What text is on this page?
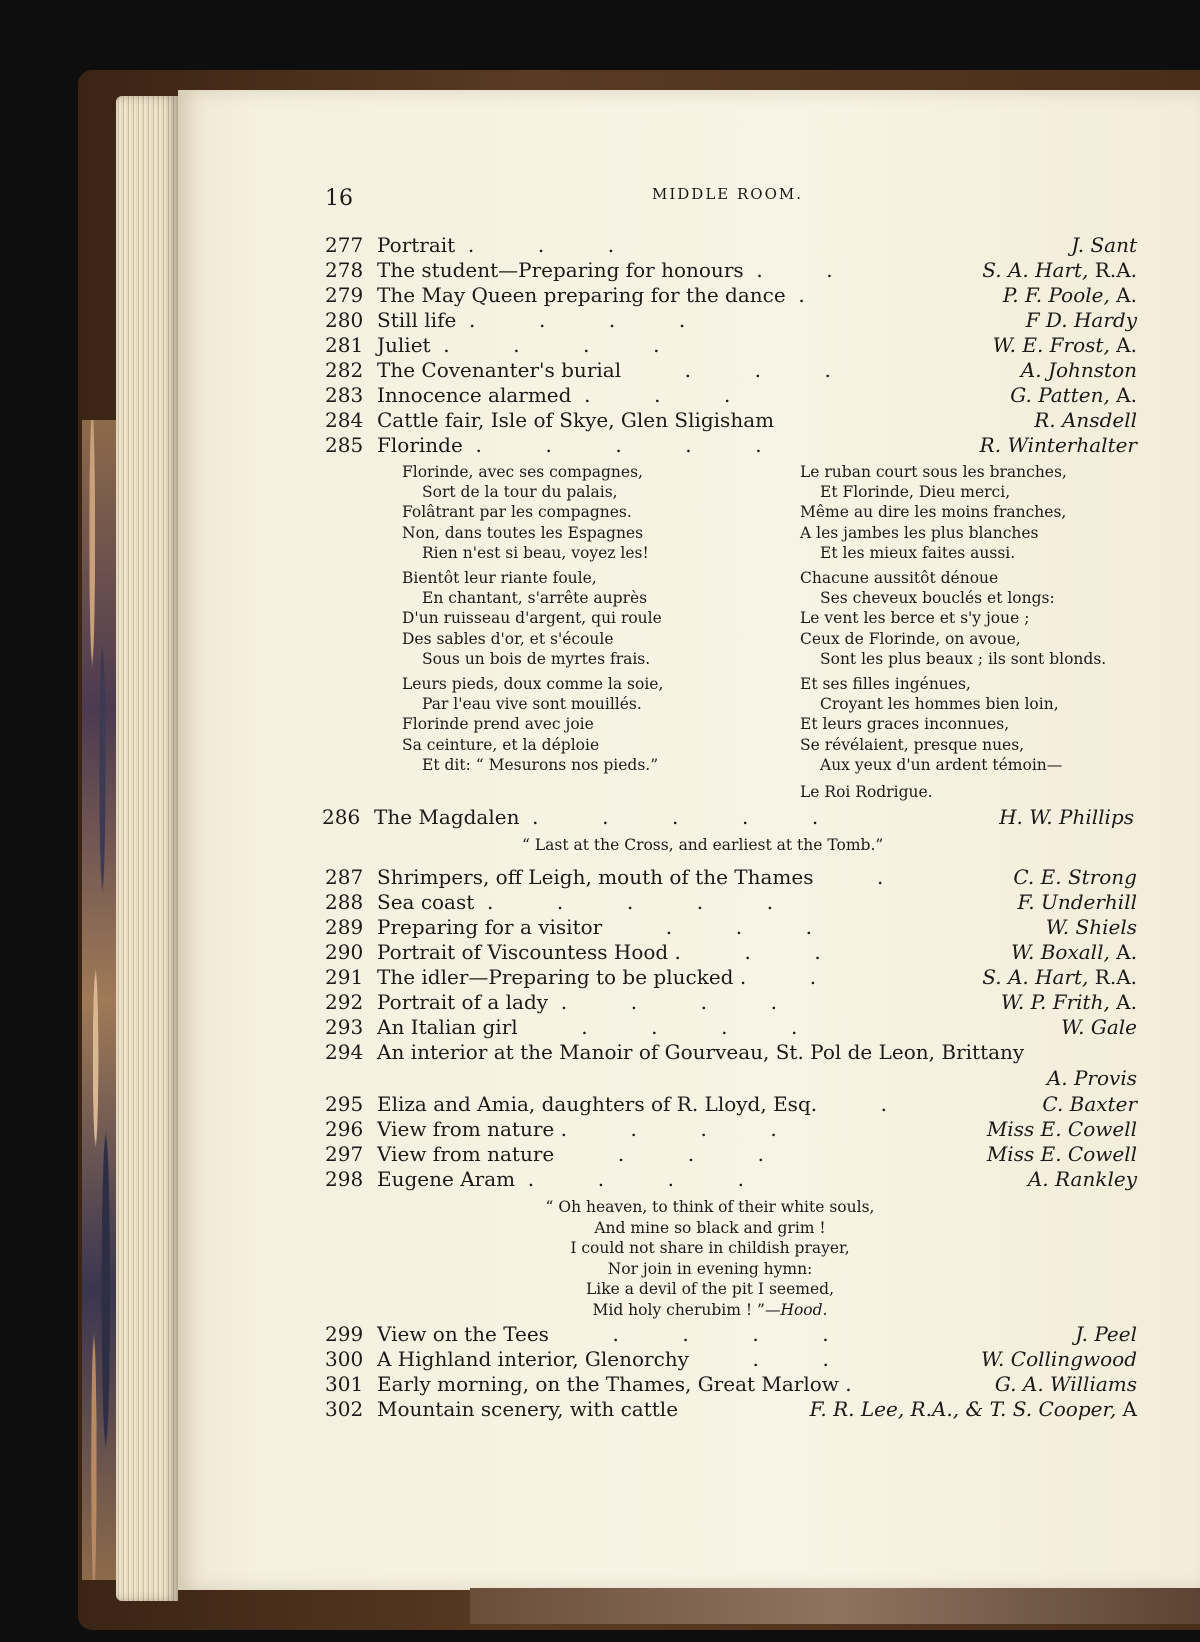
16	MIDDLE ROOM.
277 Portrait  .          .          .	J. Sant
278 The student—Preparing for honours  .          .	S. A. Hart, R.A.
279 The May Queen preparing for the dance  .	P. F. Poole, A.
280 Still life  .          .          .          .	F D. Hardy
281 Juliet  .          .          .          .	W. E. Frost, A.
282 The Covenanter's burial          .          .          .	A. Johnston
283 Innocence alarmed  .          .          .	G. Patten, A.
284 Cattle fair, Isle of Skye, Glen Sligisham	R. Ansdell
285 Florinde  .          .          .          .          .	R. Winterhalter
286 The Magdalen  .          .          .          .          .	H. W. Phillips
287 Shrimpers, off Leigh, mouth of the Thames          .	C. E. Strong
288 Sea coast  .          .          .          .          .	F. Underhill
289 Preparing for a visitor          .          .          .	W. Shiels
290 Portrait of Viscountess Hood .          .          .	W. Boxall, A.
291 The idler—Preparing to be plucked .          .	S. A. Hart, R.A.
292 Portrait of a lady  .          .          .          .	W. P. Frith, A.
293 An Italian girl          .          .          .          .	W. Gale
294 An interior at the Manoir of Gourveau, St. Pol de Leon, Brittany
A. Provis
295 Eliza and Amia, daughters of R. Lloyd, Esq.          .	C. Baxter
296 View from nature .          .          .          .	Miss E. Cowell
297 View from nature          .          .          .	Miss E. Cowell
298 Eugene Aram  .          .          .          .	A. Rankley
299 View on the Tees          .          .          .          .	J. Peel
300 A Highland interior, Glenorchy          .          .	W. Collingwood
301 Early morning, on the Thames, Great Marlow .	G. A. Williams
302 Mountain scenery, with cattle	F. R. Lee, R.A., & T. S. Cooper, A
Florinde, avec ses compagnes,
Sort de la tour du palais,
Folâtrant par les compagnes.
Non, dans toutes les Espagnes
Rien n'est si beau, voyez les!
Bientôt leur riante foule,
En chantant, s'arrête auprès
D'un ruisseau d'argent, qui roule
Des sables d'or, et s'écoule
Sous un bois de myrtes frais.
Leurs pieds, doux comme la soie,
Par l'eau vive sont mouillés.
Florinde prend avec joie
Sa ceinture, et la déploie
Et dit: “ Mesurons nos pieds.”
Le ruban court sous les branches,
Et Florinde, Dieu merci,
Même au dire les moins franches,
A les jambes les plus blanches
Et les mieux faites aussi.
Chacune aussitôt dénoue
Ses cheveux bouclés et longs:
Le vent les berce et s'y joue ;
Ceux de Florinde, on avoue,
Sont les plus beaux ; ils sont blonds.
Et ses filles ingénues,
Croyant les hommes bien loin,
Et leurs graces inconnues,
Se révélaient, presque nues,
Aux yeux d'un ardent témoin—
Le Roi Rodrigue.
“ Last at the Cross, and earliest at the Tomb.”
“ Oh heaven, to think of their white souls,
And mine so black and grim !
I could not share in childish prayer,
Nor join in evening hymn:
Like a devil of the pit I seemed,
Mid holy cherubim ! ”—Hood.
